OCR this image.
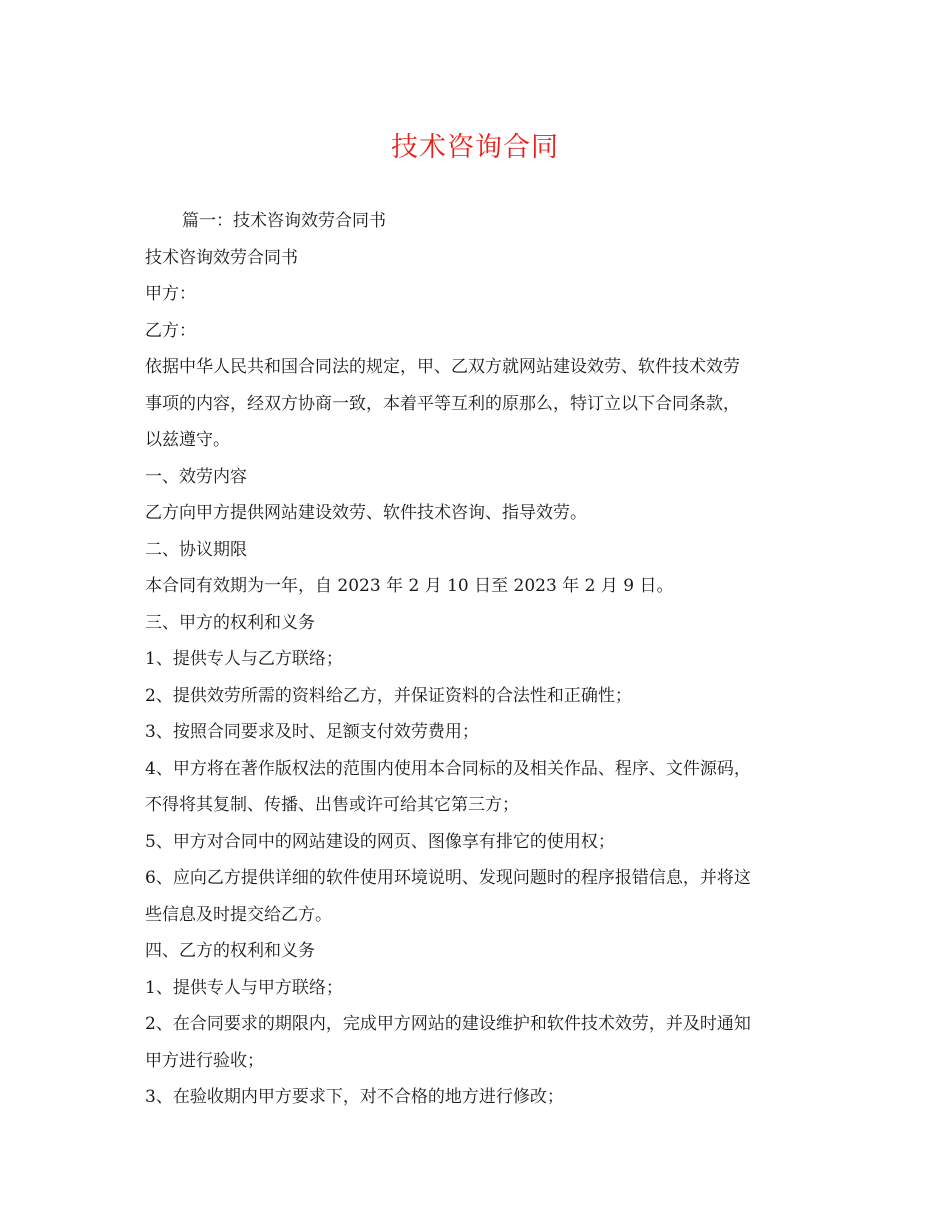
技术咨询合同
篇一：技术咨询效劳合同书
技术咨询效劳合同书
甲方：
乙方：
依据中华人民共和国合同法的规定，甲、乙双方就网站建设效劳、软件技术效劳
事项的内容，经双方协商一致，本着平等互利的原那么，特订立以下合同条款，
以兹遵守。
一、效劳内容
乙方向甲方提供网站建设效劳、软件技术咨询、指导效劳。
二、协议期限
本合同有效期为一年，自 2023 年 2 月 10 日至 2023 年 2 月 9 日。
三、甲方的权利和义务
1、提供专人与乙方联络；
2、提供效劳所需的资料给乙方，并保证资料的合法性和正确性；
3、按照合同要求及时、足额支付效劳费用；
4、甲方将在著作版权法的范围内使用本合同标的及相关作品、程序、文件源码，
不得将其复制、传播、出售或许可给其它第三方；
5、甲方对合同中的网站建设的网页、图像享有排它的使用权；
6、应向乙方提供详细的软件使用环境说明、发现问题时的程序报错信息，并将这
些信息及时提交给乙方。
四、乙方的权利和义务
1、提供专人与甲方联络；
2、在合同要求的期限内，完成甲方网站的建设维护和软件技术效劳，并及时通知
甲方进行验收；
3、在验收期内甲方要求下，对不合格的地方进行修改；
